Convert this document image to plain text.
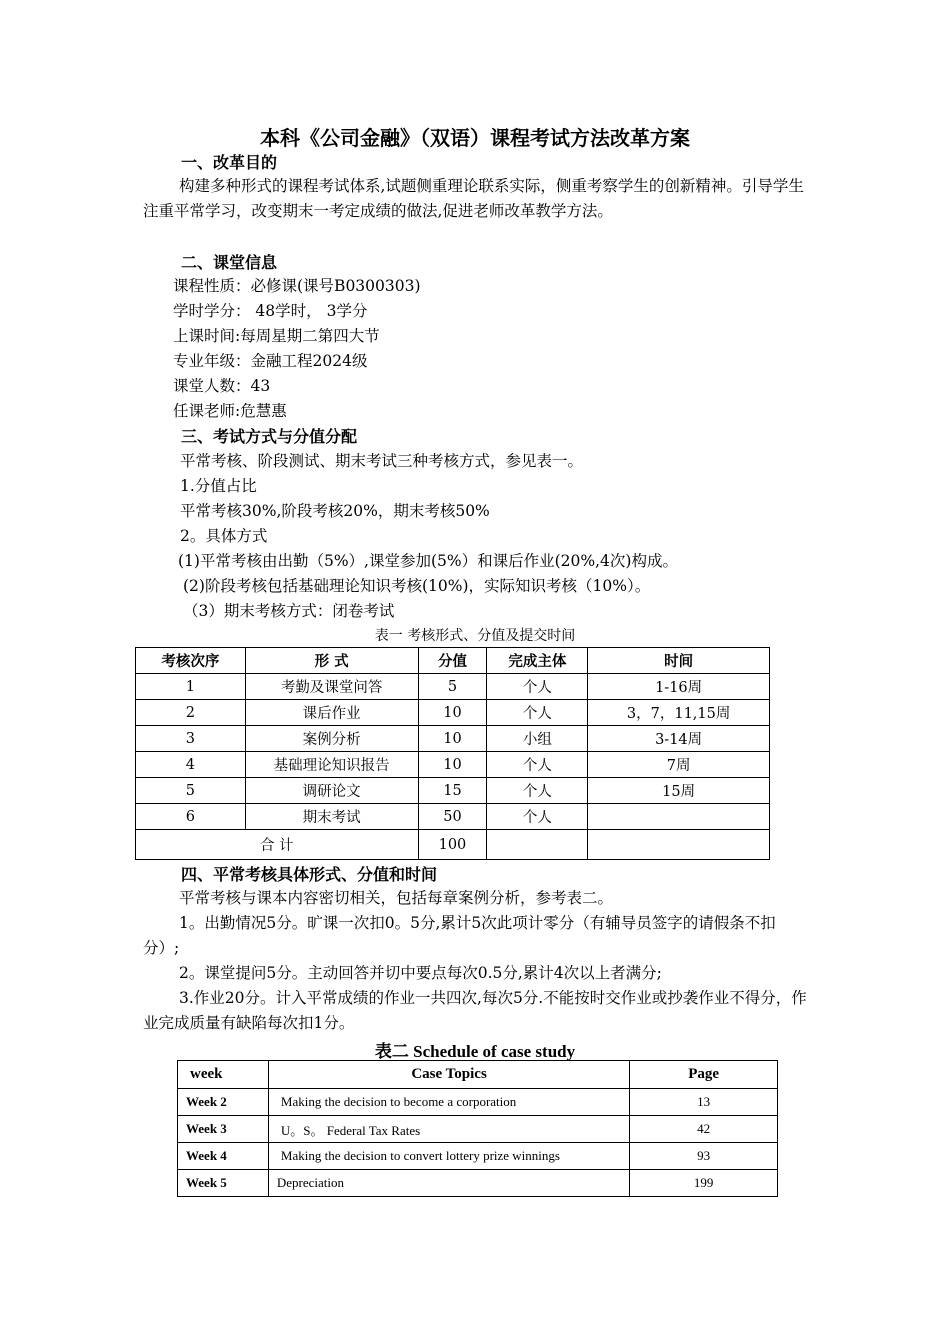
本科《公司金融》（双语）课程考试方法改革方案
一、改革目的
构建多种形式的课程考试体系,试题侧重理论联系实际，侧重考察学生的创新精神。引导学生注重平常学习，改变期末一考定成绩的做法,促进老师改革教学方法。
二、课堂信息
课程性质：必修课(课号B0300303)
学时学分： 48学时， 3学分
上课时间:每周星期二第四大节
专业年级：金融工程2024级
课堂人数：43
任课老师:危慧惠
三、考试方式与分值分配
平常考核、阶段测试、期末考试三种考核方式，参见表一。
1.分值占比
平常考核30%,阶段考核20%，期末考核50%
2。具体方式
(1)平常考核由出勤（5%）,课堂参加(5%）和课后作业(20%,4次)构成。
(2)阶段考核包括基础理论知识考核(10%)，实际知识考核（10%）。
（3）期末考核方式：闭卷考试
表一 考核形式、分值及提交时间
考核次序	形 式	分值	完成主体	时间
1	考勤及课堂问答	5	个人	1-16周
2	课后作业	10	个人	3，7，11,15周
3	案例分析	10	小组	3-14周
4	基础理论知识报告	10	个人	7周
5	调研论文	15	个人	15周
6	期末考试	50	个人	
合 计		100		
四、平常考核具体形式、分值和时间
平常考核与课本内容密切相关，包括每章案例分析，参考表二。
1。出勤情况5分。旷课一次扣0。5分,累计5次此项计零分（有辅导员签字的请假条不扣分）;
2。课堂提问5分。主动回答并切中要点每次0.5分,累计4次以上者满分;
3.作业20分。计入平常成绩的作业一共四次,每次5分.不能按时交作业或抄袭作业不得分，作业完成质量有缺陷每次扣1分。
表二 Schedule of case study
week	Case Topics	Page
Week 2	Making the decision to become a corporation	13
Week 3	U。S。 Federal Tax Rates	42
Week 4	Making the decision to convert lottery prize winnings	93
Week 5	Depreciation	199
